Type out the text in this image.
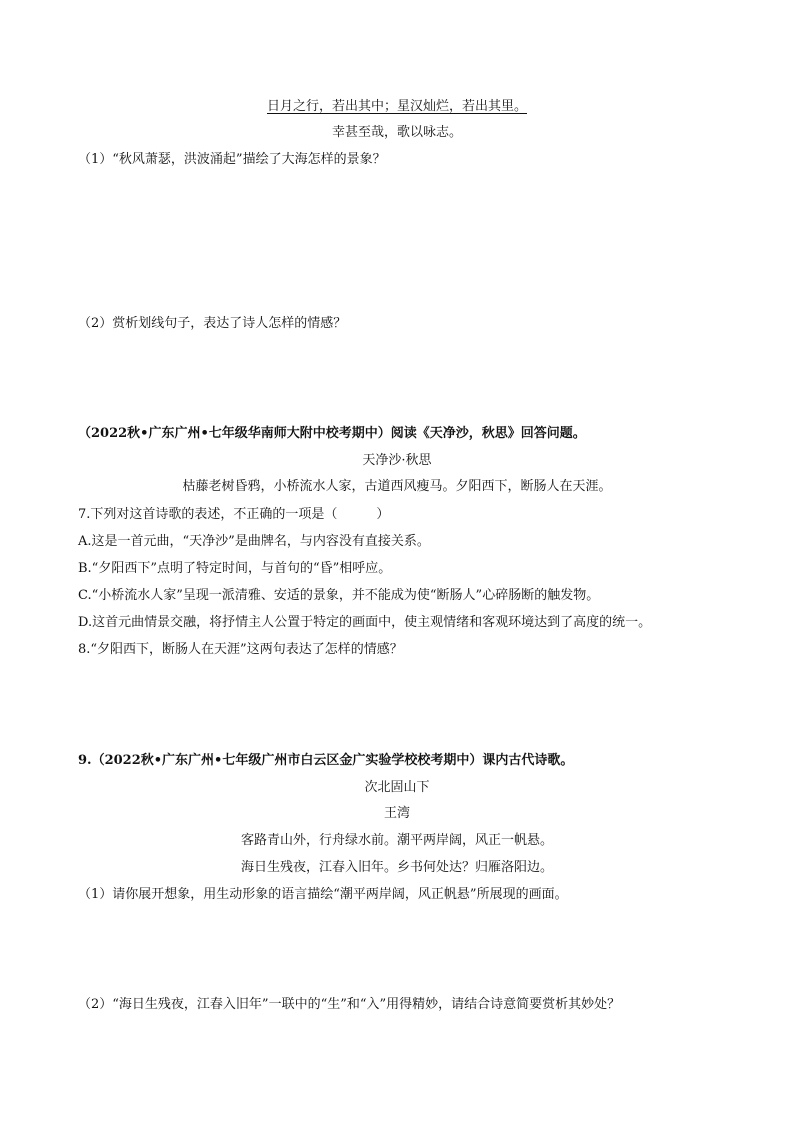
日月之行，若出其中；星汉灿烂，若出其里。
幸甚至哉，歌以咏志。
（1）“秋风萧瑟，洪波涌起”描绘了大海怎样的景象？
（2）赏析划线句子，表达了诗人怎样的情感？
（2022秋•广东广州•七年级华南师大附中校考期中）阅读《天净沙，秋思》回答问题。
天净沙·秋思
枯藤老树昏鸦，小桥流水人家，古道西风瘦马。夕阳西下，断肠人在天涯。
7.下列对这首诗歌的表述，不正确的一项是（　　　）
A.这是一首元曲，“天净沙”是曲牌名，与内容没有直接关系。
B.“夕阳西下”点明了特定时间，与首句的“昏”相呼应。
C.“小桥流水人家”呈现一派清雅、安适的景象，并不能成为使“断肠人”心碎肠断的触发物。
D.这首元曲情景交融，将抒情主人公置于特定的画面中，使主观情绪和客观环境达到了高度的统一。
8.“夕阳西下，断肠人在天涯”这两句表达了怎样的情感？
9.（2022秋•广东广州•七年级广州市白云区金广实验学校校考期中）课内古代诗歌。
次北固山下
王湾
客路青山外，行舟绿水前。潮平两岸阔，风正一帆悬。
海日生残夜，江春入旧年。乡书何处达？归雁洛阳边。
（1）请你展开想象，用生动形象的语言描绘“潮平两岸阔，风正帆悬”所展现的画面。
（2）“海日生残夜，江春入旧年”一联中的“生”和“入”用得精妙，请结合诗意简要赏析其妙处？
